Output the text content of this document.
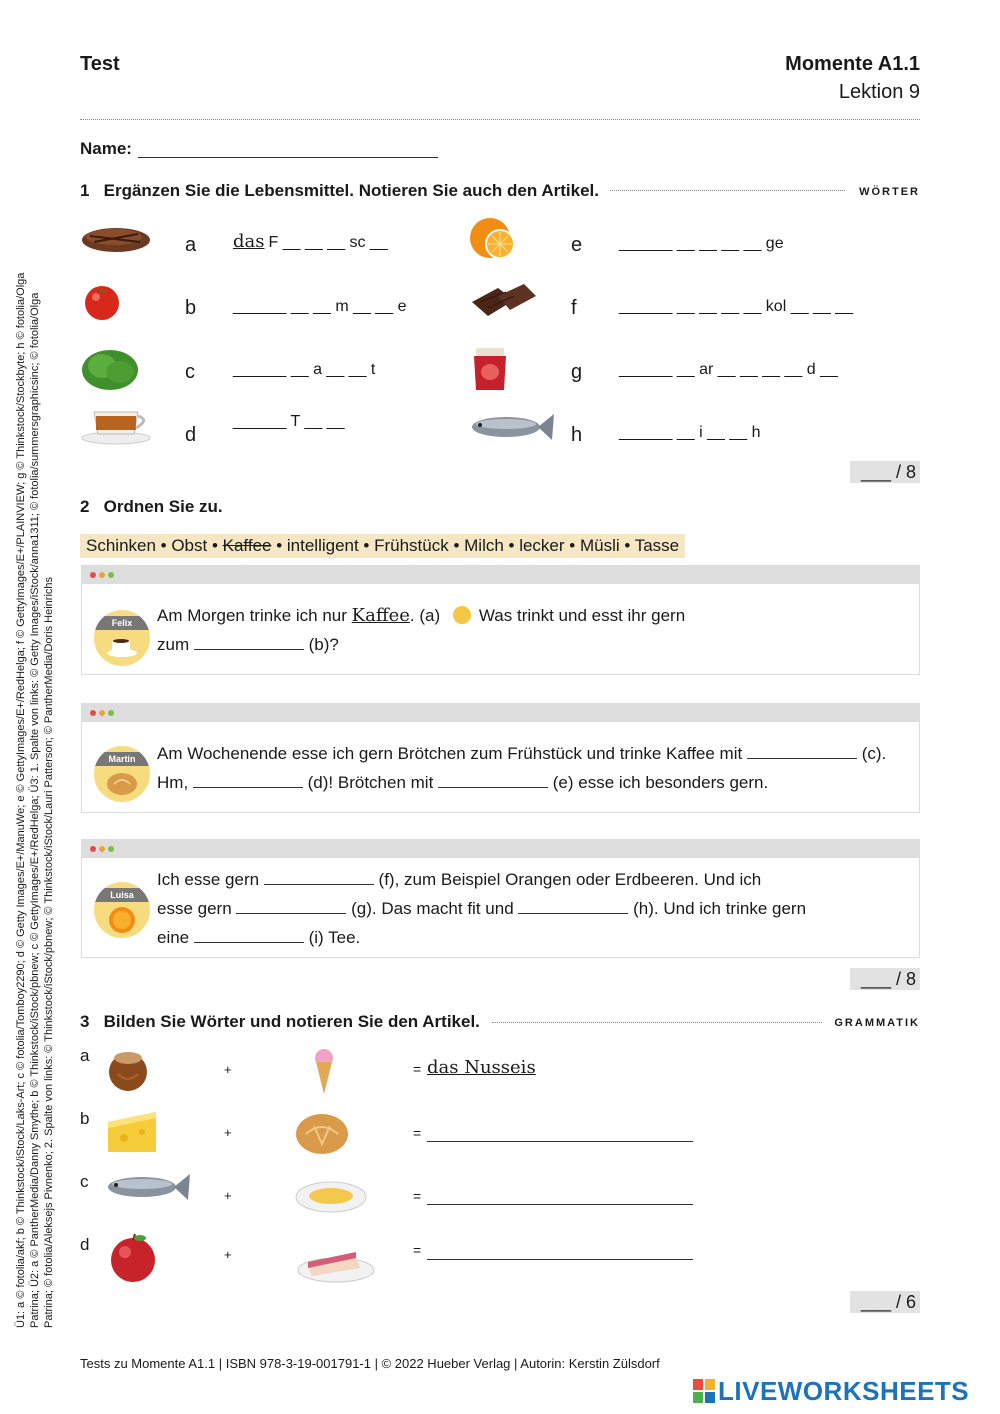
Test	Momente A1.1
Lektion 9
Name:
1 Ergänzen Sie die Lebensmittel. Notieren Sie auch den Artikel.	WÖRTER
a das F __ __ __ sc __
b ______ __ __ m __ __ e
c ______ __ a __ __ t
d
______ T __ __
e ______ __ __ __ __ ge
f	______ __ __ __ __ kol __ __ __
g ______ __ ar __ __ __ __ d __
h ______ __ i __ __ h
___ / 8
2 Ordnen Sie zu.
Schinken • Obst • Kaffee • intelligent • Frühstück • Milch • lecker • Müsli • Tasse
Felix	Am Morgen trinke ich nur Kaffee. (a) Was trinkt und esst ihr gern
zum	(b)?
Martin	Am Wochenende esse ich gern Brötchen zum Frühstück und trinke Kaffee mit	(c).
Hm,	(d)! Brötchen mit	(e) esse ich besonders gern.
Luisa
Ich esse gern	(f), zum Beispiel Orangen oder Erdbeeren. Und ich
esse gern	(g). Das macht fit und	(h). Und ich trinke gern
eine	(i) Tee.
___ / 8
3 Bilden Sie Wörter und notieren Sie den Artikel.	GRAMMATIK
a
+	= das Nusseis
b
+	=
c
+	=
d
+	=
___ / 6
Ü1: a © fotolia/akf; b © Thinkstock/iStock/Laks-Art; c © fotolia/Tomboy2290; d © Getty Images/E+/ManuWe; e © GettyImages/E+/RedHelga; f © GettyImages/E+/PLAINVIEW; g © Thinkstock/Stockbyte; h © fotolia/Olga Patrina; Ü2: a © PantherMedia/Danny Smythe; b © Thinkstock/iStock/pbnew; c © GettyImages/E+/RedHelga; Ü3: 1. Spalte von links: © Getty Images/iStock/anna1311; © fotolia/summersgraphicsinc; © fotolia/Olga Patrina; © fotolia/Aleksejs Pivnenko; 2. Spalte von links: © Thinkstock/iStock/pbnew; © Thinkstock/iStock/Lauri Patterson; © PantherMedia/Doris Heinrichs
Tests zu Momente A1.1 | ISBN 978-3-19-001791-1 | © 2022 Hueber Verlag | Autorin: Kerstin Zülsdorf
LIVEWORKSHEETS
